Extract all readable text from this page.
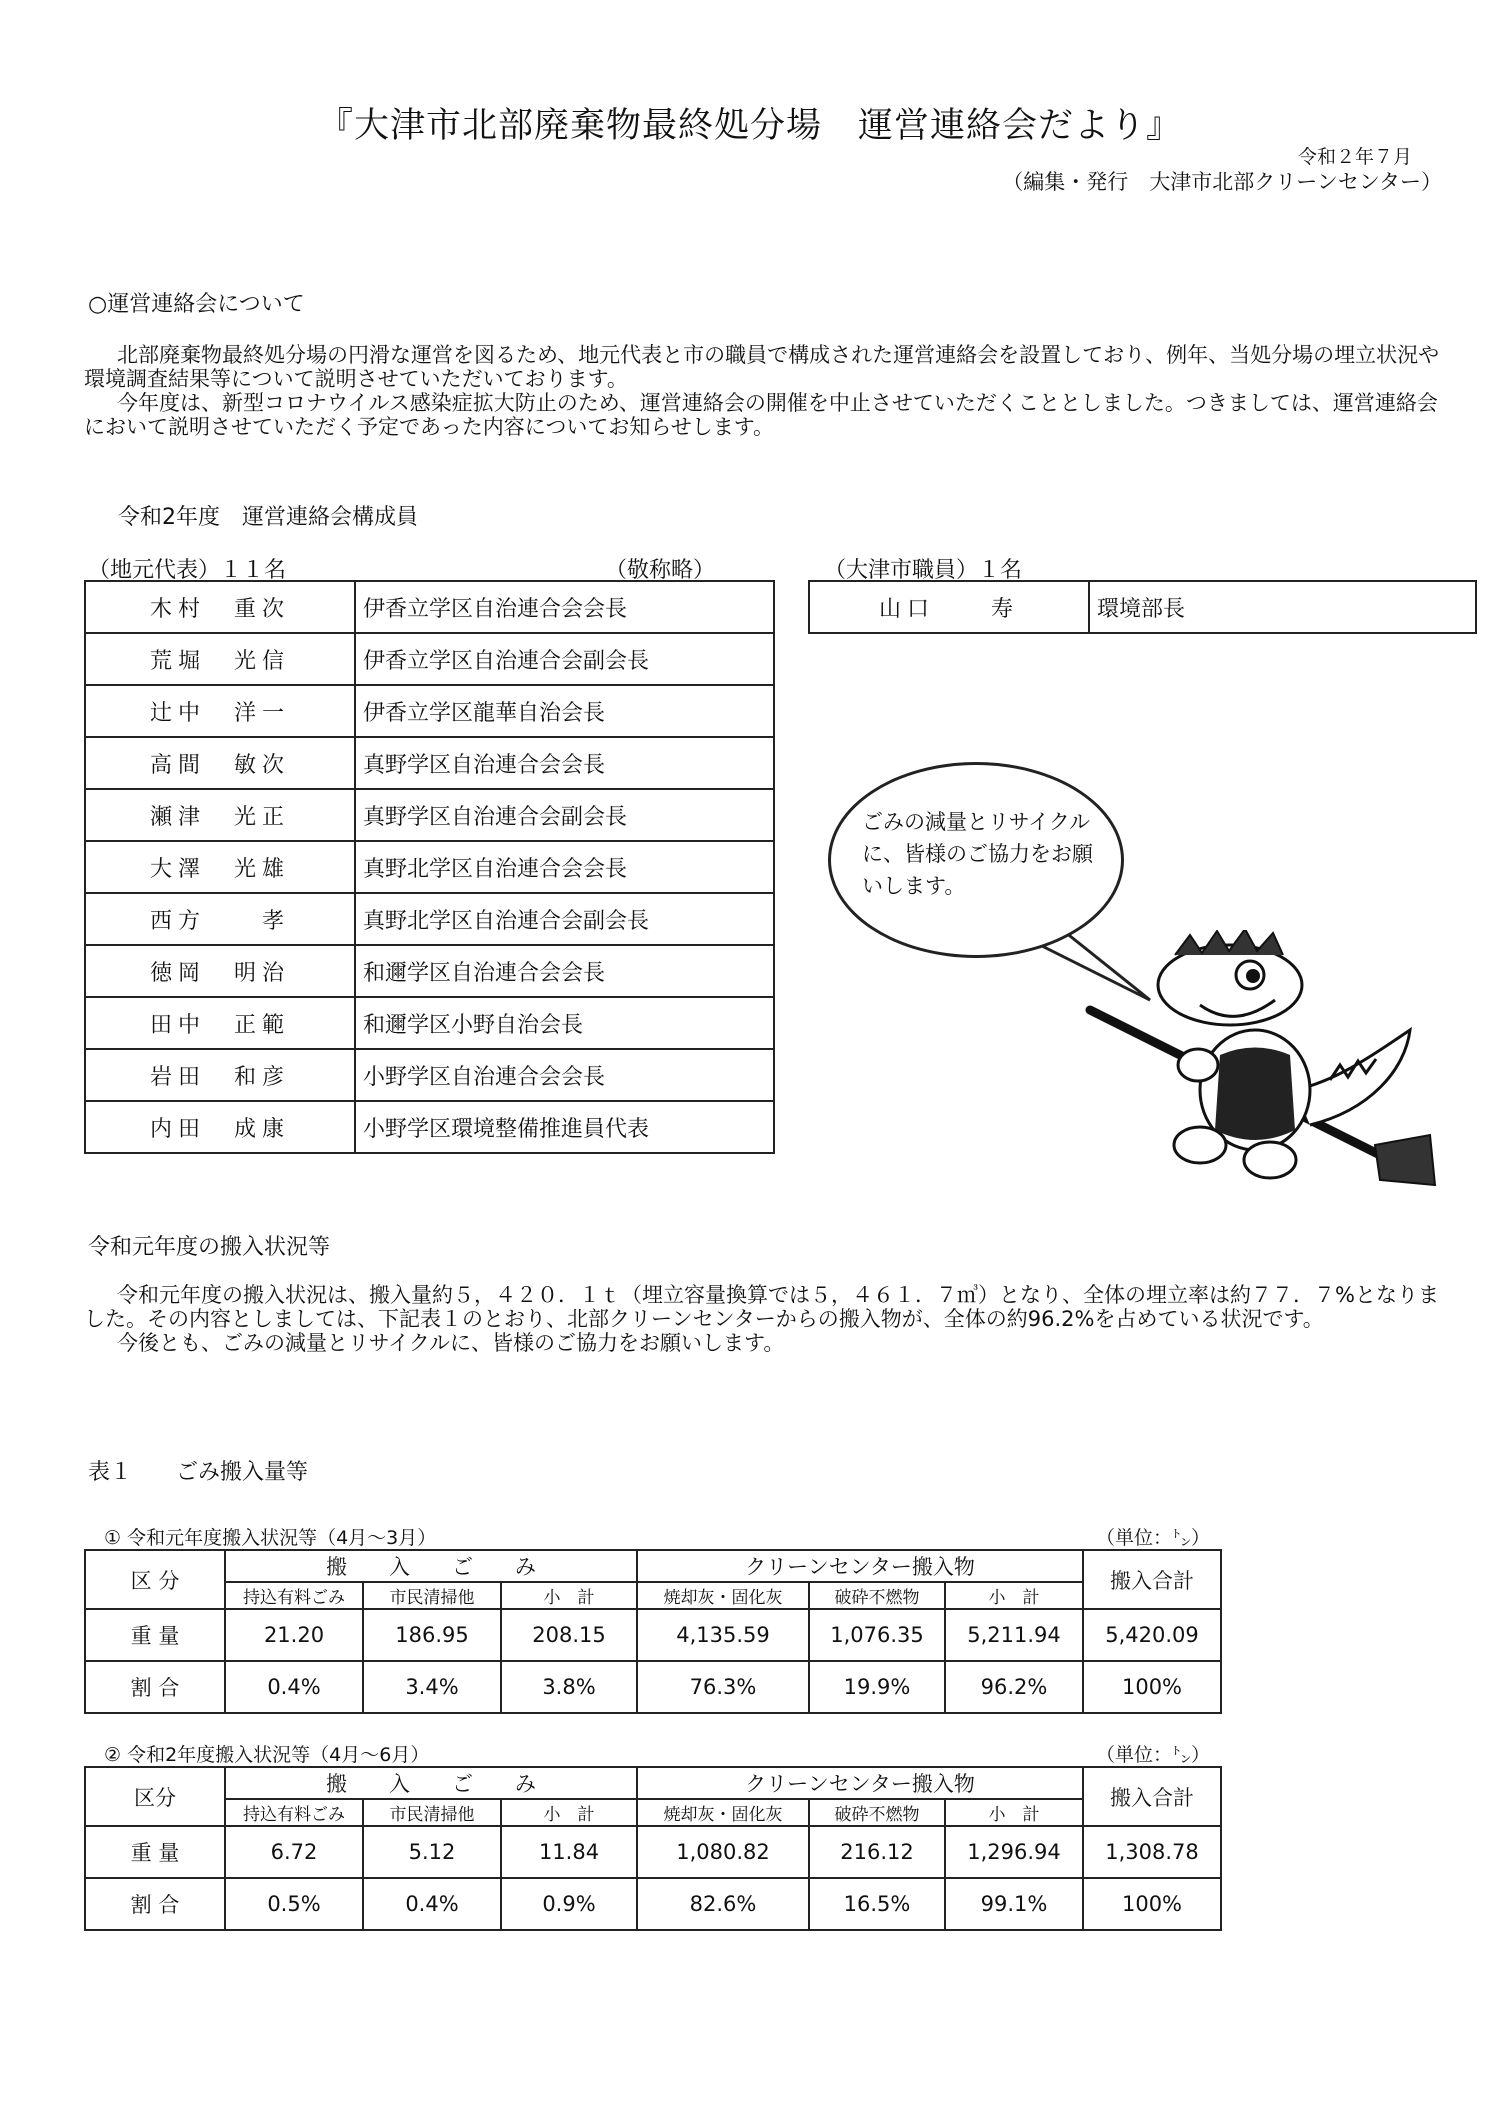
『大津市北部廃棄物最終処分場　運営連絡会だより』
令和２年７月
（編集・発行　大津市北部クリーンセンター）
○運営連絡会について

北部廃棄物最終処分場の円滑な運営を図るため、地元代表と市の職員で構成された運営連絡会を設置しており、例年、当処分場の埋立状況や環境調査結果等について説明させていただいております。

今年度は、新型コロナウイルス感染症拡大防止のため、運営連絡会の開催を中止させていただくこととしました。つきましては、運営連絡会において説明させていただく予定であった内容についてお知らせします。

令和2年度　運営連絡会構成員
（地元代表）１１名	（敬称略）	（大津市職員）１名
木村　重次	伊香立学区自治連合会会長
荒堀　光信	伊香立学区自治連合会副会長
辻中　洋一	伊香立学区龍華自治会長
高間　敏次	真野学区自治連合会会長
瀬津　光正	真野学区自治連合会副会長
大澤　光雄	真野北学区自治連合会会長
西方　　孝	真野北学区自治連合会副会長
徳岡　明治	和邇学区自治連合会会長
田中　正範	和邇学区小野自治会長
岩田　和彦	小野学区自治連合会会長
内田　成康	小野学区環境整備推進員代表
山口　　寿	環境部長
ごみの減量とリサイクルに、皆様のご協力をお願いします。
令和元年度の搬入状況等

令和元年度の搬入状況は、搬入量約５，４２０．１ｔ（埋立容量換算では５，４６１．７㎥）となり、全体の埋立率は約７７．７%となりました。その内容としましては、下記表１のとおり、北部クリーンセンターからの搬入物が、全体の約96.2%を占めている状況です。

今後とも、ごみの減量とリサイクルに、皆様のご協力をお願いします。

表１　　ごみ搬入量等
① 令和元年度搬入状況等（4月～3月）	（単位：㌧）
区 分	搬　　入　　ご　　み			クリーンセンター搬入物			搬入合計
	持込有料ごみ	市民清掃他	小　計	焼却灰・固化灰	破砕不燃物	小　計	
重 量	21.20	186.95	208.15	4,135.59	1,076.35	5,211.94	5,420.09
割 合	0.4%	3.4%	3.8%	76.3%	19.9%	96.2%	100%
② 令和2年度搬入状況等（4月～6月）	（単位：㌧）
区分	搬　　入　　ご　　み			クリーンセンター搬入物			搬入合計
	持込有料ごみ	市民清掃他	小　計	焼却灰・固化灰	破砕不燃物	小　計	
重 量	6.72	5.12	11.84	1,080.82	216.12	1,296.94	1,308.78
割 合	0.5%	0.4%	0.9%	82.6%	16.5%	99.1%	100%
